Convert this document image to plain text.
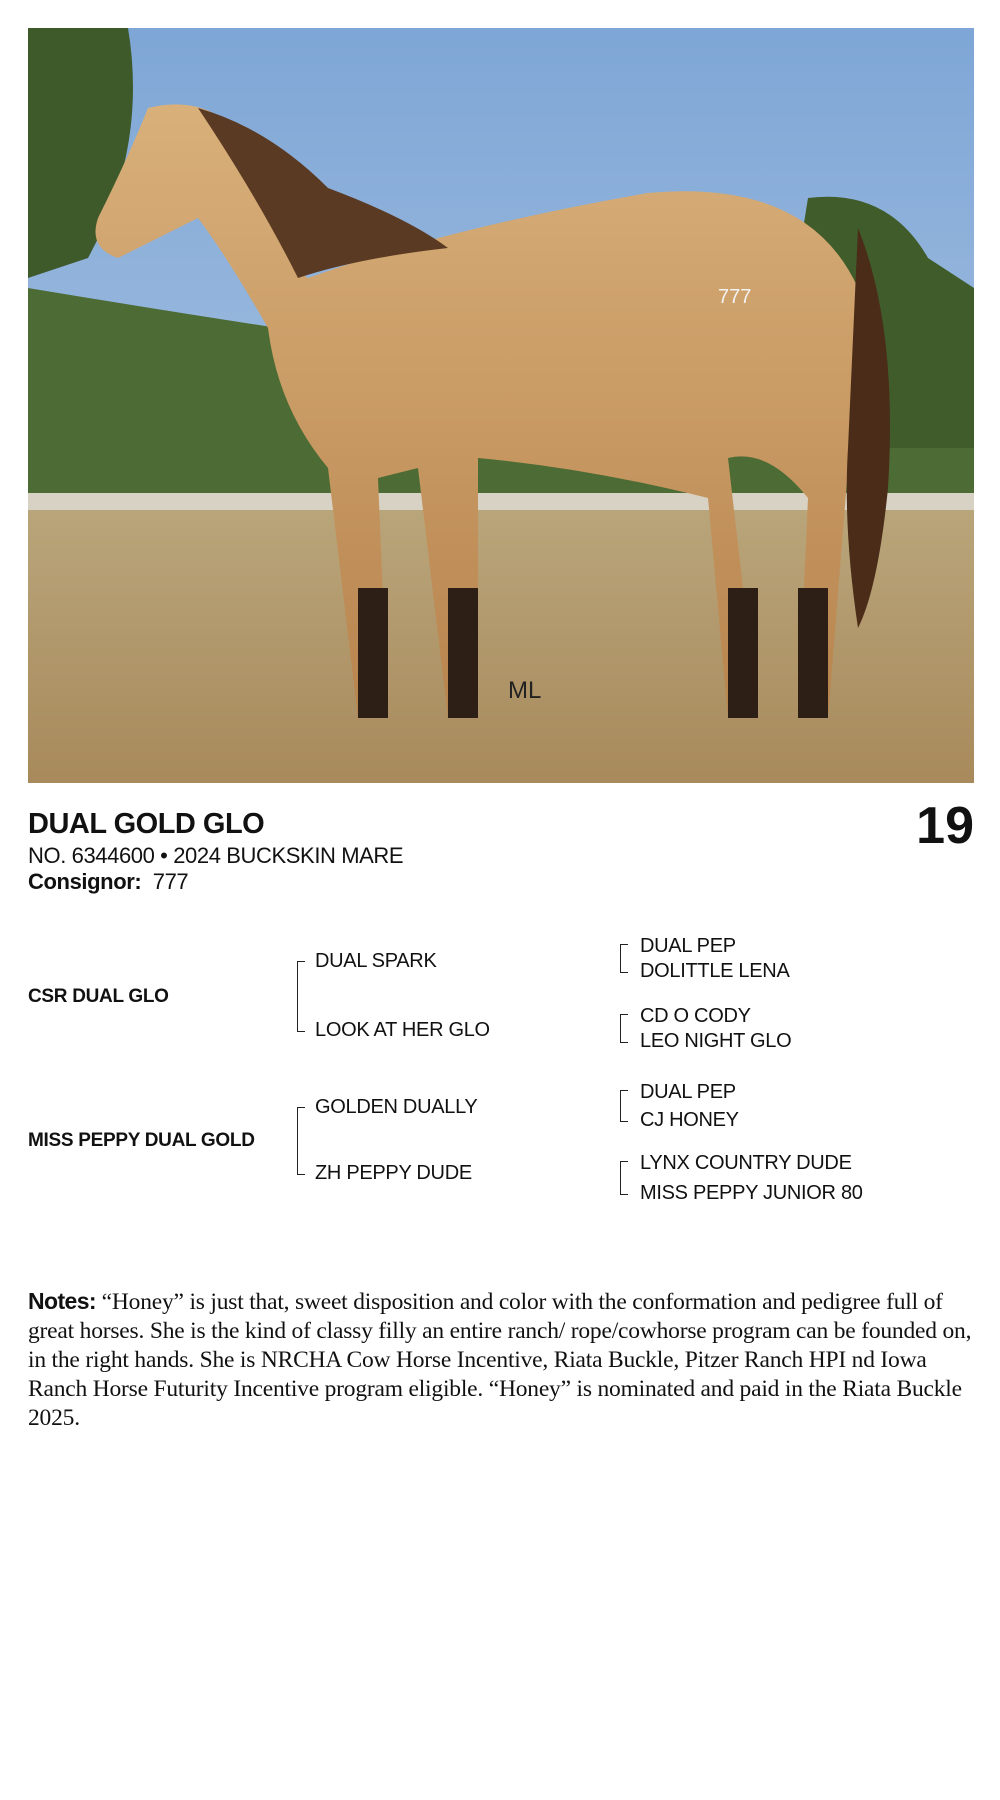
777
ML
DUAL GOLD GLO	19
NO. 6344600 • 2024 BUCKSKIN MARE
Consignor: 777
CSR DUAL GLO
MISS PEPPY DUAL GOLD
DUAL SPARK
LOOK AT HER GLO
GOLDEN DUALLY
ZH PEPPY DUDE
DUAL PEP
DOLITTLE LENA
CD O CODY
LEO NIGHT GLO
DUAL PEP
CJ HONEY
LYNX COUNTRY DUDE
MISS PEPPY JUNIOR 80
Notes: “Honey” is just that, sweet disposition and color with the conformation and pedigree full of great horses. She is the kind of classy filly an entire ranch/ rope/cowhorse program can be founded on, in the right hands. She is NRCHA Cow Horse Incentive, Riata Buckle, Pitzer Ranch HPI nd Iowa Ranch Horse Futurity Incentive program eligible. “Honey” is nominated and paid in the Riata Buckle 2025.
